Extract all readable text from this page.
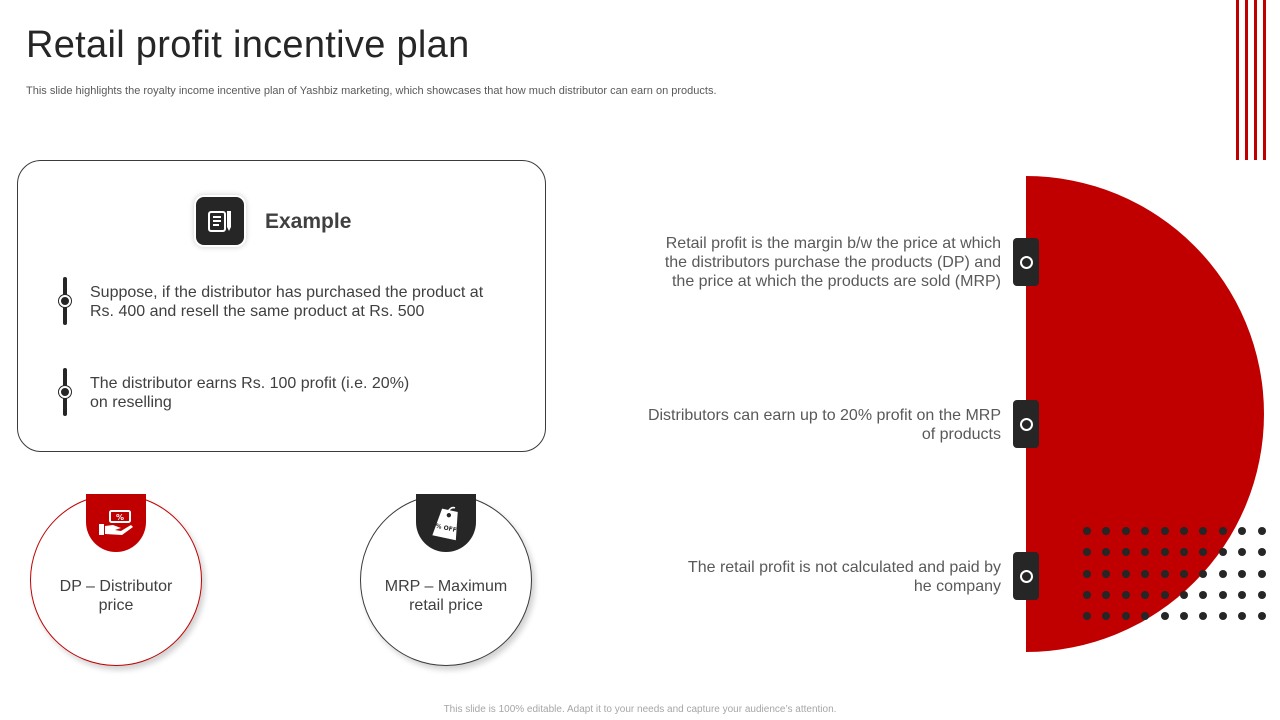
Retail profit incentive plan
This slide highlights the royalty income incentive plan of Yashbiz marketing, which showcases that how much distributor can earn on products.
Example
Suppose, if the distributor has purchased the product at Rs. 400 and resell the same product at Rs. 500
The distributor earns Rs. 100 profit (i.e. 20%) on reselling
%
DP – Distributor price
% OFF
MRP – Maximum retail price
Retail profit is the margin b/w the price at which the distributors purchase the products (DP) and the price at which the products are sold (MRP)
Distributors can earn up to 20% profit on the MRP of products
The retail profit is not calculated and paid by he company
This slide is 100% editable. Adapt it to your needs and capture your audience’s attention.
